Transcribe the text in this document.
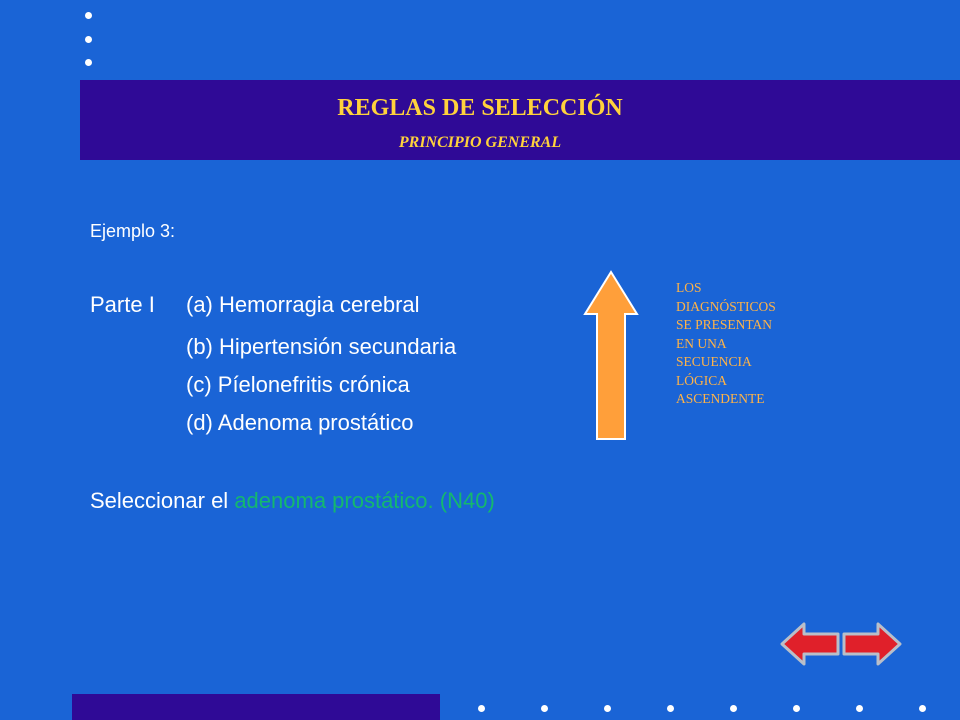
REGLAS DE SELECCIÓN
PRINCIPIO GENERAL
Ejemplo 3:
Parte I (a) Hemorragia cerebral
(b) Hipertensión secundaria
(c) Píelonefritis crónica
(d) Adenoma prostático
Seleccionar el adenoma prostático. (N40)
LOS
DIAGNÓSTICOS
SE PRESENTAN
EN UNA
SECUENCIA
LÓGICA
ASCENDENTE
